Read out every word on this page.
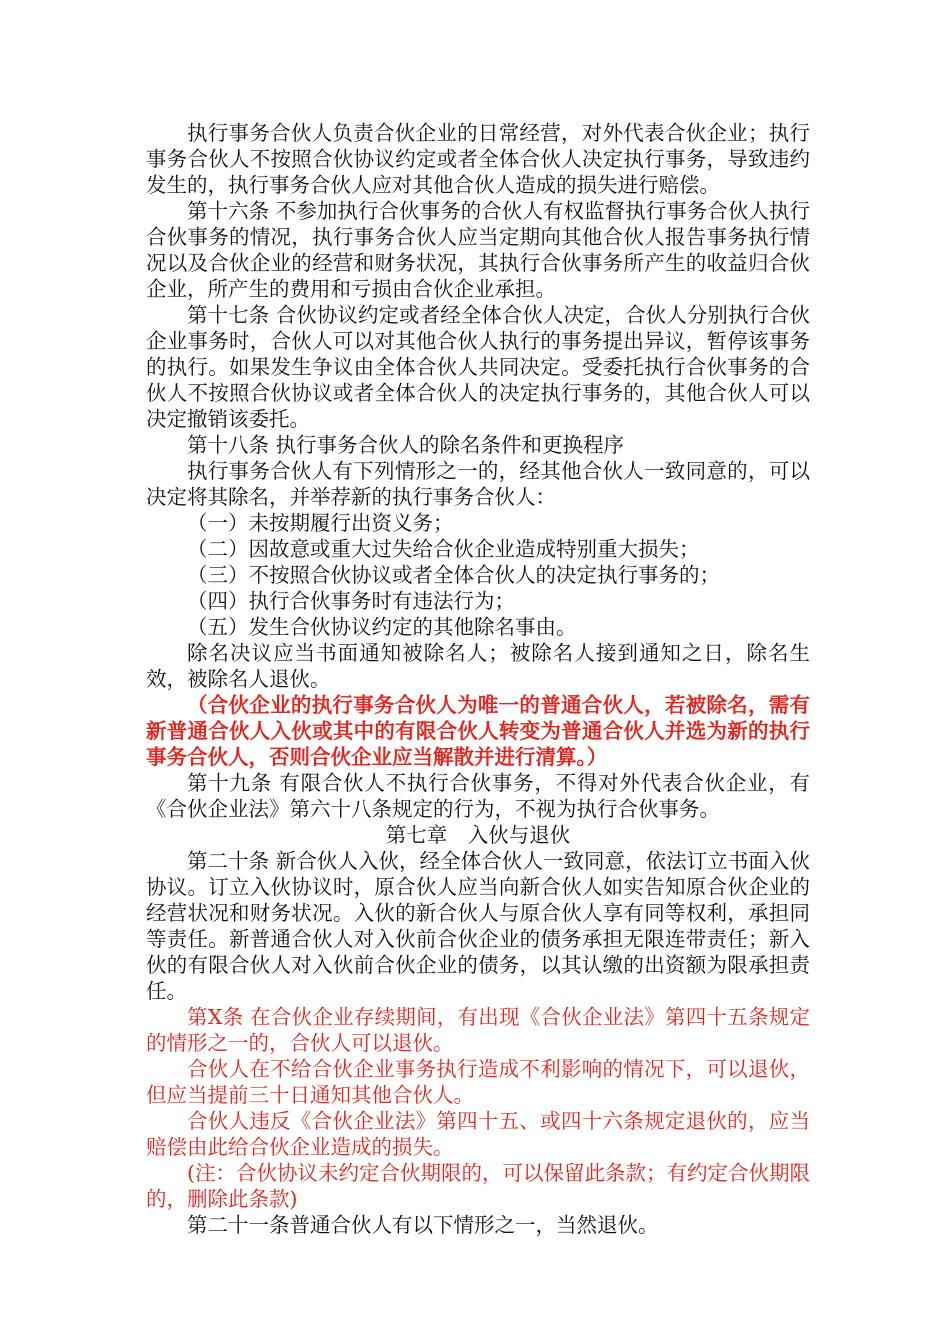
执行事务合伙人负责合伙企业的日常经营，对外代表合伙企业；执行事务合伙人不按照合伙协议约定或者全体合伙人决定执行事务，导致违约发生的，执行事务合伙人应对其他合伙人造成的损失进行赔偿。

第十六条 不参加执行合伙事务的合伙人有权监督执行事务合伙人执行合伙事务的情况，执行事务合伙人应当定期向其他合伙人报告事务执行情况以及合伙企业的经营和财务状况，其执行合伙事务所产生的收益归合伙企业，所产生的费用和亏损由合伙企业承担。

第十七条 合伙协议约定或者经全体合伙人决定，合伙人分别执行合伙企业事务时，合伙人可以对其他合伙人执行的事务提出异议，暂停该事务的执行。如果发生争议由全体合伙人共同决定。受委托执行合伙事务的合伙人不按照合伙协议或者全体合伙人的决定执行事务的，其他合伙人可以决定撤销该委托。

第十八条 执行事务合伙人的除名条件和更换程序

执行事务合伙人有下列情形之一的，经其他合伙人一致同意的，可以决定将其除名，并举荐新的执行事务合伙人：

（一）未按期履行出资义务；

（二）因故意或重大过失给合伙企业造成特别重大损失；

（三）不按照合伙协议或者全体合伙人的决定执行事务的；

（四）执行合伙事务时有违法行为；

（五）发生合伙协议约定的其他除名事由。

除名决议应当书面通知被除名人；被除名人接到通知之日，除名生效，被除名人退伙。

（合伙企业的执行事务合伙人为唯一的普通合伙人，若被除名，需有新普通合伙人入伙或其中的有限合伙人转变为普通合伙人并选为新的执行事务合伙人，否则合伙企业应当解散并进行清算。）

第十九条 有限合伙人不执行合伙事务，不得对外代表合伙企业，有《合伙企业法》第六十八条规定的行为，不视为执行合伙事务。

第七章　入伙与退伙

第二十条 新合伙人入伙，经全体合伙人一致同意，依法订立书面入伙协议。订立入伙协议时，原合伙人应当向新合伙人如实告知原合伙企业的经营状况和财务状况。入伙的新合伙人与原合伙人享有同等权利，承担同等责任。新普通合伙人对入伙前合伙企业的债务承担无限连带责任；新入伙的有限合伙人对入伙前合伙企业的债务，以其认缴的出资额为限承担责任。

第X条 在合伙企业存续期间，有出现《合伙企业法》第四十五条规定的情形之一的，合伙人可以退伙。

合伙人在不给合伙企业事务执行造成不利影响的情况下，可以退伙，但应当提前三十日通知其他合伙人。

合伙人违反《合伙企业法》第四十五、或四十六条规定退伙的，应当赔偿由此给合伙企业造成的损失。

(注：合伙协议未约定合伙期限的，可以保留此条款；有约定合伙期限的，删除此条款)

第二十一条普通合伙人有以下情形之一，当然退伙。
